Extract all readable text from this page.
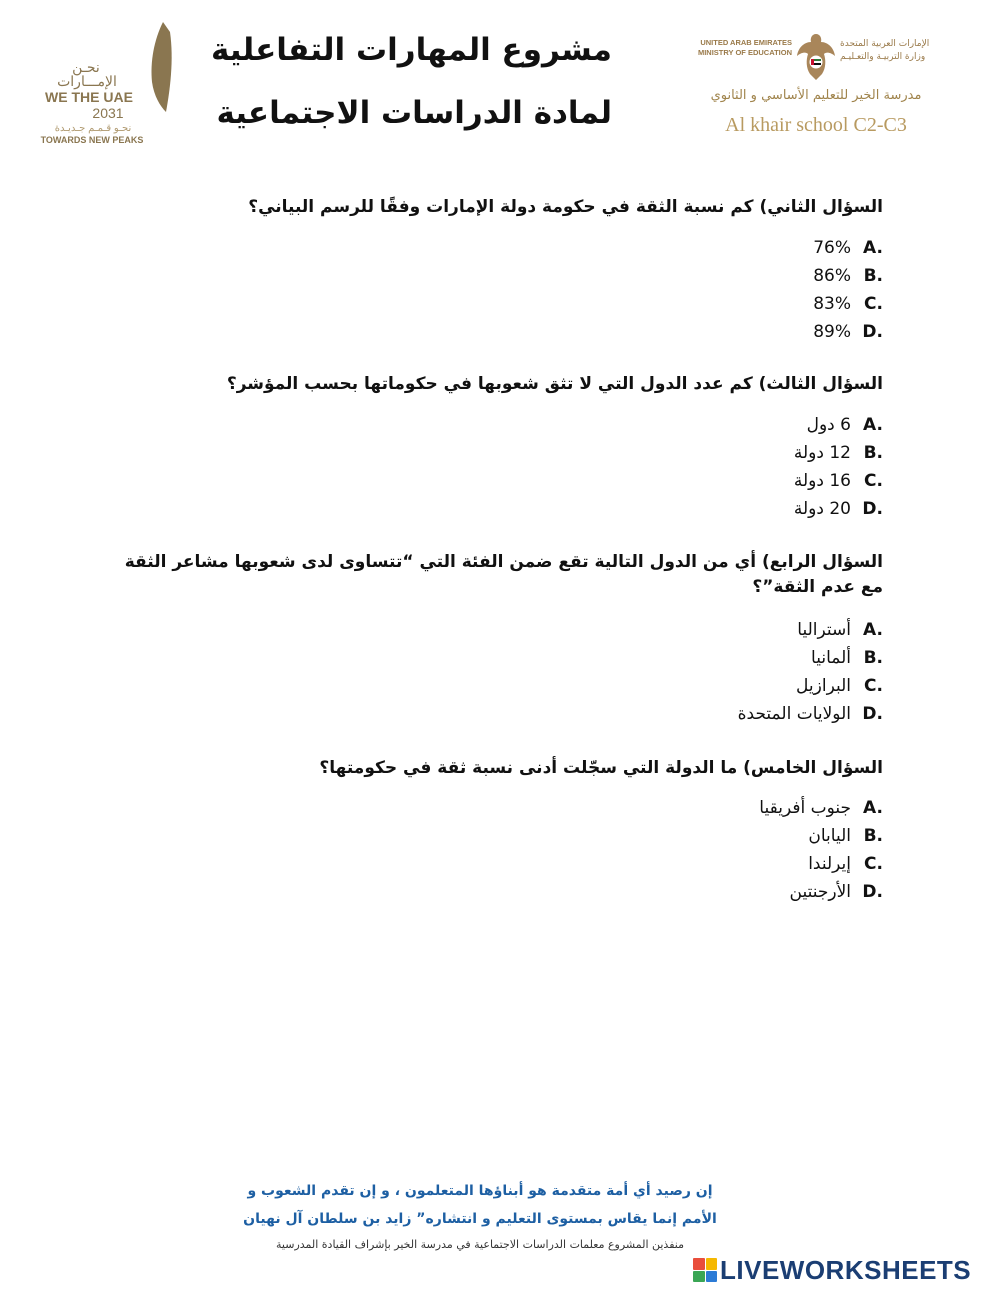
نحـن
الإمـــارات
WE THE UAE
2031
نحـو قـمـم جـديـدة
TOWARDS NEW PEAKS
مشروع المهارات التفاعلية
لمادة الدراسات الاجتماعية
UNITED ARAB EMIRATES
MINISTRY OF EDUCATION
الإمارات العربية المتحدة
وزارة التربيـة والتعـليـم
مدرسة الخير للتعليم الأساسي و الثانوي
Al khair school C2-C3
السؤال الثاني) كم نسبة الثقة في حكومة دولة الإمارات وفقًا للرسم البياني؟
A .
76%
B .
86%
C .
83%
D .
89%
السؤال الثالث) كم عدد الدول التي لا تثق شعوبها في حكوماتها بحسب المؤشر؟
A .
6 دول
B .
12 دولة
C .
16 دولة
D .
20 دولة
السؤال الرابع) أي من الدول التالية تقع ضمن الفئة التي “تتساوى لدى شعوبها مشاعر الثقة مع عدم الثقة”؟
A .
أستراليا
B .
ألمانيا
C .
البرازيل
D .
الولايات المتحدة
السؤال الخامس) ما الدولة التي سجّلت أدنى نسبة ثقة في حكومتها؟
A .
جنوب أفريقيا
B .
اليابان
C .
إيرلندا
D .
الأرجنتين
إن رصيد أي أمة متقدمة هو أبناؤها المتعلمون ، و إن تقدم الشعوب و
الأمم إنما يقاس بمستوى التعليم و انتشاره” زايد بن سلطان آل نهيان
منفذين المشروع معلمات الدراسات الاجتماعية في مدرسة الخير بإشراف القيادة المدرسية
LIVEWORKSHEETS
